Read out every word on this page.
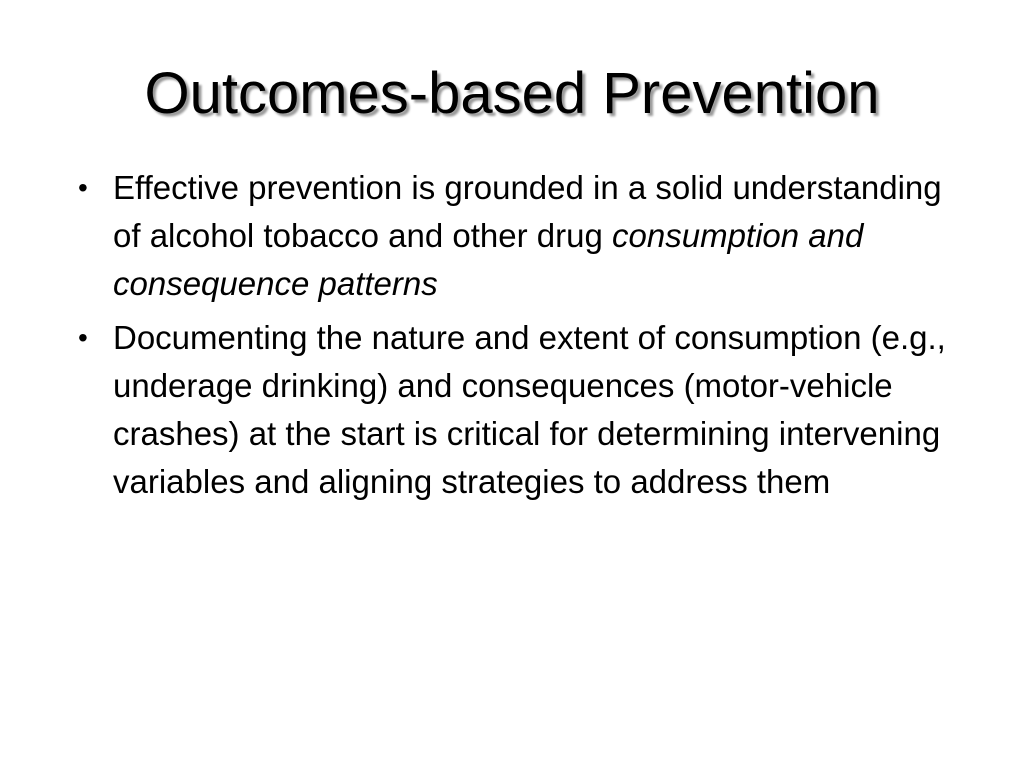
Outcomes-based Prevention
• Effective prevention is grounded in a solid understanding of alcohol tobacco and other drug consumption and consequence patterns
• Documenting the nature and extent of consumption (e.g., underage drinking) and consequences (motor-vehicle crashes) at the start is critical for determining intervening variables and aligning strategies to address them
